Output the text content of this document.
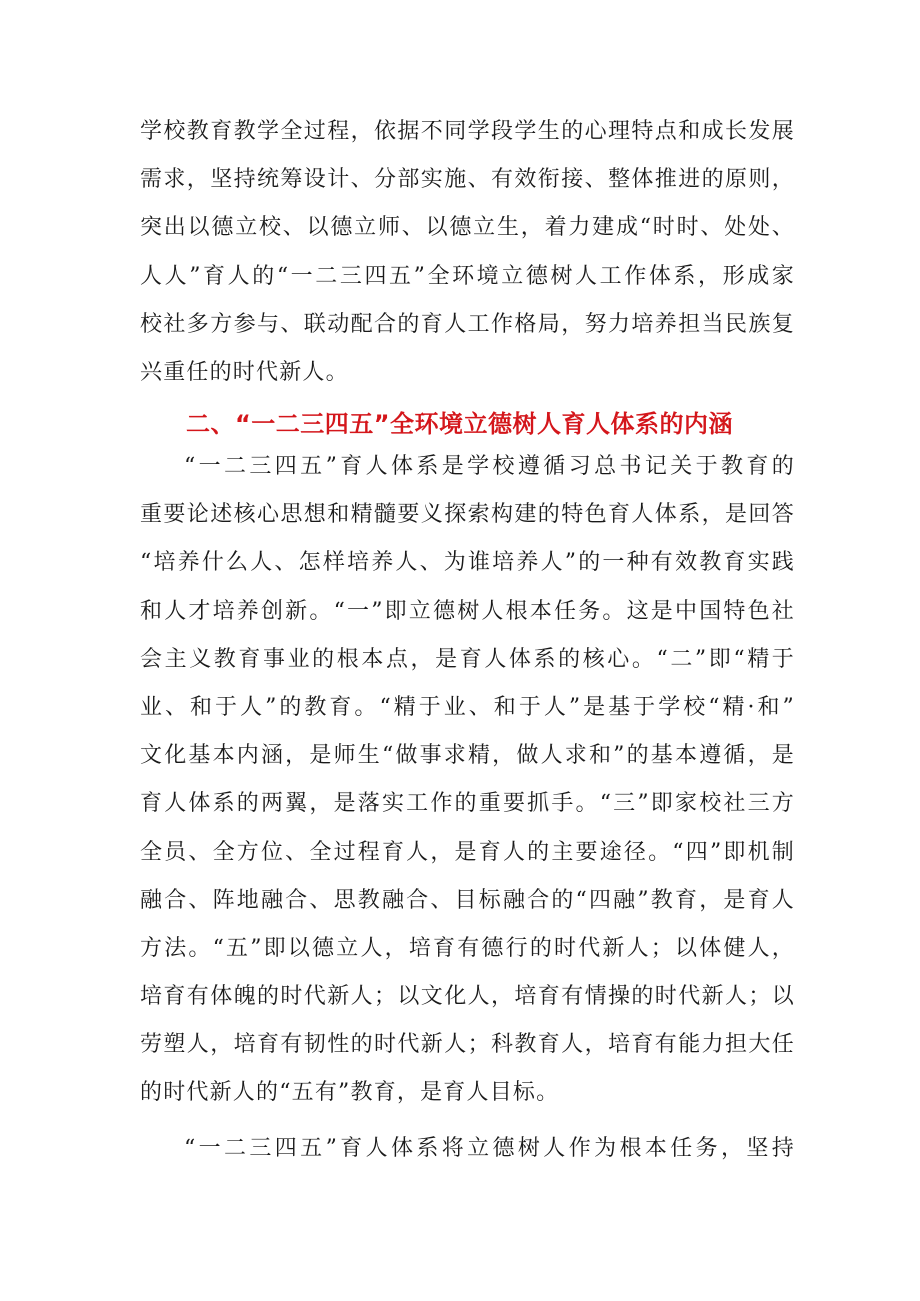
学校教育教学全过程，依据不同学段学生的心理特点和成长发展
需求，坚持统筹设计、分部实施、有效衔接、整体推进的原则，
突出以德立校、以德立师、以德立生，着力建成“时时、处处、
人人”育人的“一二三四五”全环境立德树人工作体系，形成家
校社多方参与、联动配合的育人工作格局，努力培养担当民族复
兴重任的时代新人。
二、“一二三四五”全环境立德树人育人体系的内涵
“一二三四五”育人体系是学校遵循习总书记关于教育的
重要论述核心思想和精髓要义探索构建的特色育人体系，是回答
“培养什么人、怎样培养人、为谁培养人”的一种有效教育实践
和人才培养创新。“一”即立德树人根本任务。这是中国特色社
会主义教育事业的根本点，是育人体系的核心。“二”即“精于
业、和于人”的教育。“精于业、和于人”是基于学校“精·和”
文化基本内涵，是师生“做事求精，做人求和”的基本遵循，是
育人体系的两翼，是落实工作的重要抓手。“三”即家校社三方
全员、全方位、全过程育人，是育人的主要途径。“四”即机制
融合、阵地融合、思教融合、目标融合的“四融”教育，是育人
方法。“五”即以德立人，培育有德行的时代新人；以体健人，
培育有体魄的时代新人；以文化人，培育有情操的时代新人；以
劳塑人，培育有韧性的时代新人；科教育人，培育有能力担大任
的时代新人的“五有”教育，是育人目标。
“一二三四五”育人体系将立德树人作为根本任务，坚持
